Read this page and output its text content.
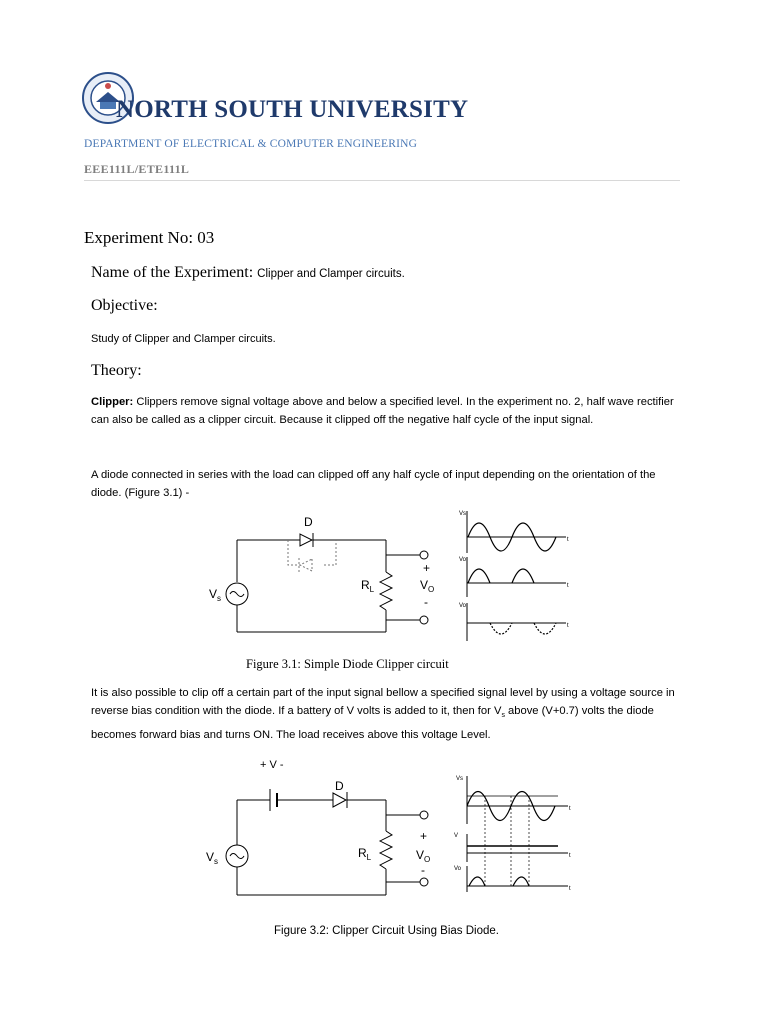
NORTH SOUTH UNIVERSITY
DEPARTMENT OF ELECTRICAL & COMPUTER ENGINEERING
EEE111L/ETE111L
Experiment No: 03
Name of the Experiment: Clipper and Clamper circuits.
Objective:
Study of Clipper and Clamper circuits.
Theory:
Clipper: Clippers remove signal voltage above and below a specified level. In the experiment no. 2, half wave rectifier can also be called as a clipper circuit. Because it clipped off the negative half cycle of the input signal.
A diode connected in series with the load can clipped off any half cycle of input depending on the orientation of the diode. (Figure 3.1) -
D
$V_s$
$R_L$	$V_O$
+
-
Vs
Vo
Vo
t
t
t
Figure 3.1: Simple Diode Clipper circuit
It is also possible to clip off a certain part of the input signal bellow a specified signal level by using a voltage source in reverse bias condition with the diode. If a battery of V volts is added to it, then for $V_s$ above (V+0.7) volts the diode becomes forward bias and turns ON. The load receives above this voltage Level.
+ V -
D
$V_s$
$R_L$	$V_O$
+
-
Vs
V
Vo
t
t
t
Figure 3.2: Clipper Circuit Using Bias Diode.
